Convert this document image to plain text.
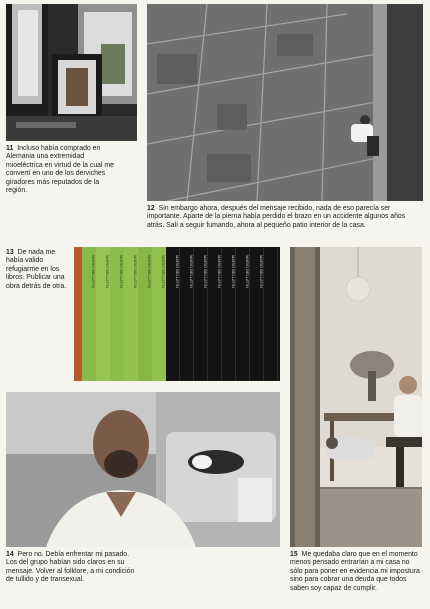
11 Incluso había comprado en Alemania una extremidad mioeléctrica en virtud de la cual me convertí en uno de los derviches giradores más reputados de la región.
12 Sin embargo ahora, después del mensaje recibido, nada de eso parecía ser importante. Aparte de la pierna había perdido el brazo en un accidente algunos años atrás. Salí a seguir fumando, ahora al pequeño patio interior de la casa.
13 De nada me había valido refugiarme en los libros. Publicar una obra detrás de otra.	MARIO BELLATIN	MARIO BELLATIN	MARIO BELLATIN	MARIO BELLATIN	MARIO BELLATIN	MARIO BELLATIN	MARIO BELLATIN	MARIO BELLATIN	MARIO BELLATIN	MARIO BELLATIN	MARIO BELLATIN	MARIO BELLATIN	MARIO BELLATIN
14 Pero no. Debía enfrentar mi pasado. Los del grupo habían sido claros en su mensaje. Volver al folklore, a mi condición de tullido y de transexual.
15 Me quedaba claro que en el momento menos pensado entrarían a mi casa no sólo para poner en evidencia mi impostura sino para cobrar una deuda que todos saben soy capaz de cumplir.
